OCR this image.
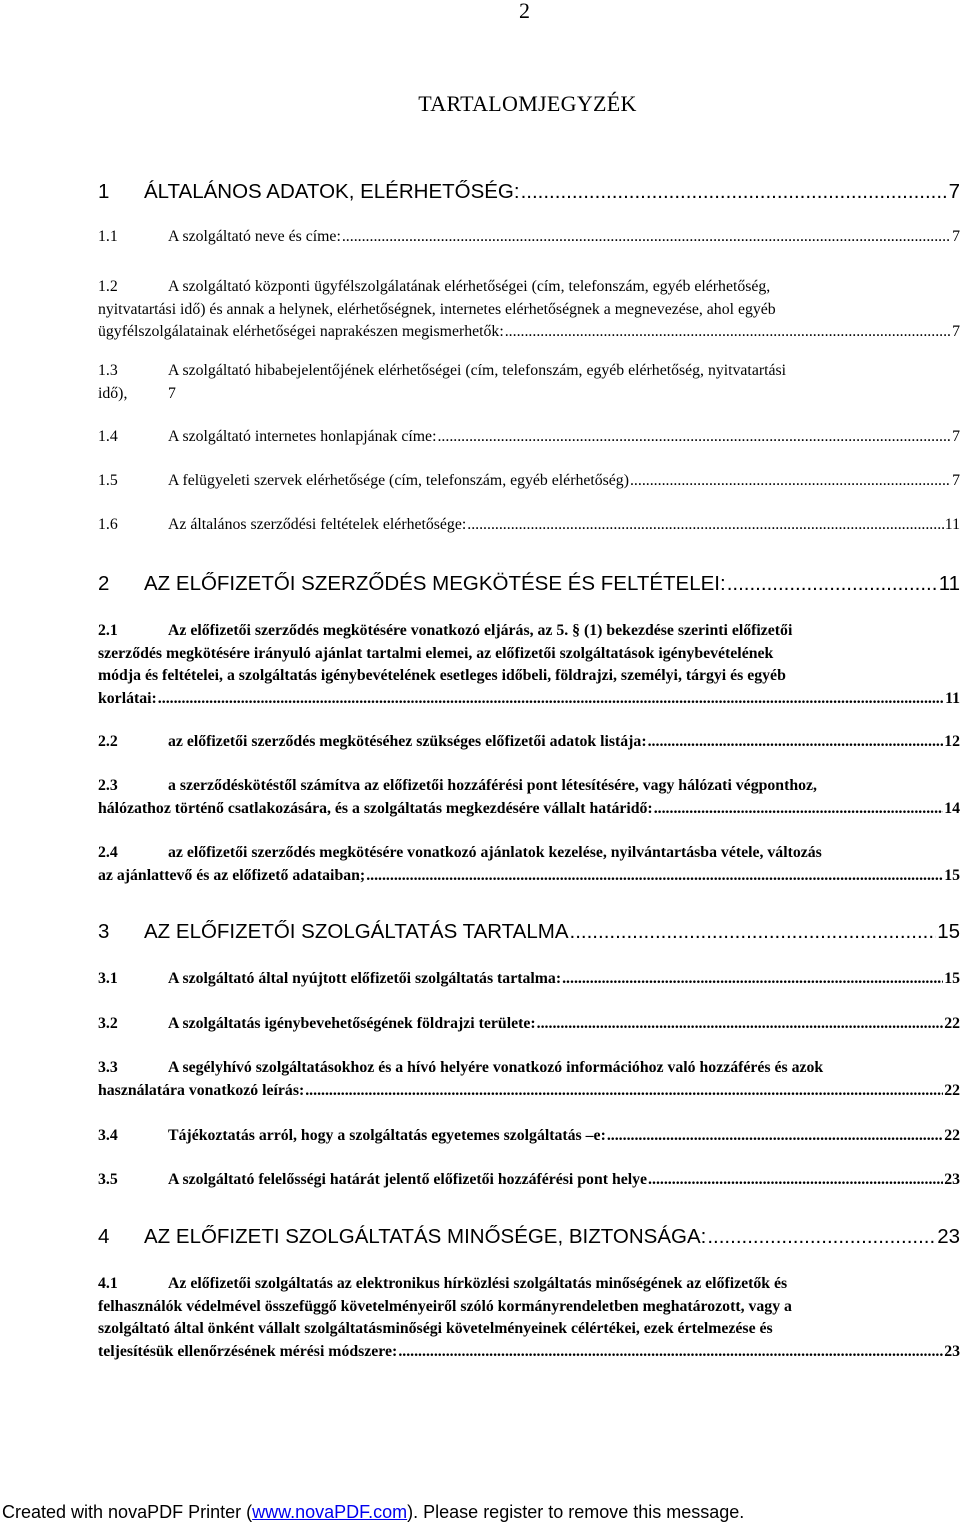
2
TARTALOMJEGYZÉK
1	ÁLTALÁNOS ADATOK, ELÉRHETŐSÉG: .....	7
1.1	A szolgáltató neve és címe: .....	7
1.2	A szolgáltató központi ügyfélszolgálatának elérhetőségei (cím, telefonszám, egyéb elérhetőség,
nyitvatartási idő) és annak a helynek, elérhetőségnek, internetes elérhetőségnek a megnevezése, ahol egyéb
ügyfélszolgálatainak elérhetőségei naprakészen megismerhetők: .....	7
1.3	A szolgáltató hibabejelentőjének elérhetőségei (cím, telefonszám, egyéb elérhetőség, nyitvatartási
idő),	7
1.4	A szolgáltató internetes honlapjának címe: .....	7
1.5	A felügyeleti szervek elérhetősége (cím, telefonszám, egyéb elérhetőség) .....	7
1.6	Az általános szerződési feltételek elérhetősége: .....	11
2	AZ ELŐFIZETŐI SZERZŐDÉS MEGKÖTÉSE ÉS FELTÉTELEI: .....	11
2.1	Az előfizetői szerződés megkötésére vonatkozó eljárás, az 5. § (1) bekezdése szerinti előfizetői
szerződés megkötésére irányuló ajánlat tartalmi elemei, az előfizetői szolgáltatások igénybevételének
módja és feltételei, a szolgáltatás igénybevételének esetleges időbeli, földrajzi, személyi, tárgyi és egyéb
korlátai: .....	11
2.2	az előfizetői szerződés megkötéséhez szükséges előfizetői adatok listája: .....	12
2.3	a szerződéskötéstől számítva az előfizetői hozzáférési pont létesítésére, vagy hálózati végponthoz,
hálózathoz történő csatlakozására, és a szolgáltatás megkezdésére vállalt határidő: .....	14
2.4	az előfizetői szerződés megkötésére vonatkozó ajánlatok kezelése, nyilvántartásba vétele, változás
az ajánlattevő és az előfizető adataiban; .....	15
3	AZ ELŐFIZETŐI SZOLGÁLTATÁS TARTALMA .....	15
3.1	A szolgáltató által nyújtott előfizetői szolgáltatás tartalma: .....	15
3.2	A szolgáltatás igénybevehetőségének földrajzi területe: .....	22
3.3	A segélyhívó szolgáltatásokhoz és a hívó helyére vonatkozó információhoz való hozzáférés és azok
használatára vonatkozó leírás: .....	22
3.4	Tájékoztatás arról, hogy a szolgáltatás egyetemes szolgáltatás –e: .....	22
3.5	A szolgáltató felelősségi határát jelentő előfizetői hozzáférési pont helye .....	23
4	AZ ELŐFIZETI SZOLGÁLTATÁS MINŐSÉGE, BIZTONSÁGA: .....	23
4.1	Az előfizetői szolgáltatás az elektronikus hírközlési szolgáltatás minőségének az előfizetők és
felhasználók védelmével összefüggő követelményeiről szóló kormányrendeletben meghatározott, vagy a
szolgáltató által önként vállalt szolgáltatásminőségi követelményeinek célértékei, ezek értelmezése és
teljesítésük ellenőrzésének mérési módszere: .....	23
Created with novaPDF Printer (www.novaPDF.com). Please register to remove this message.
